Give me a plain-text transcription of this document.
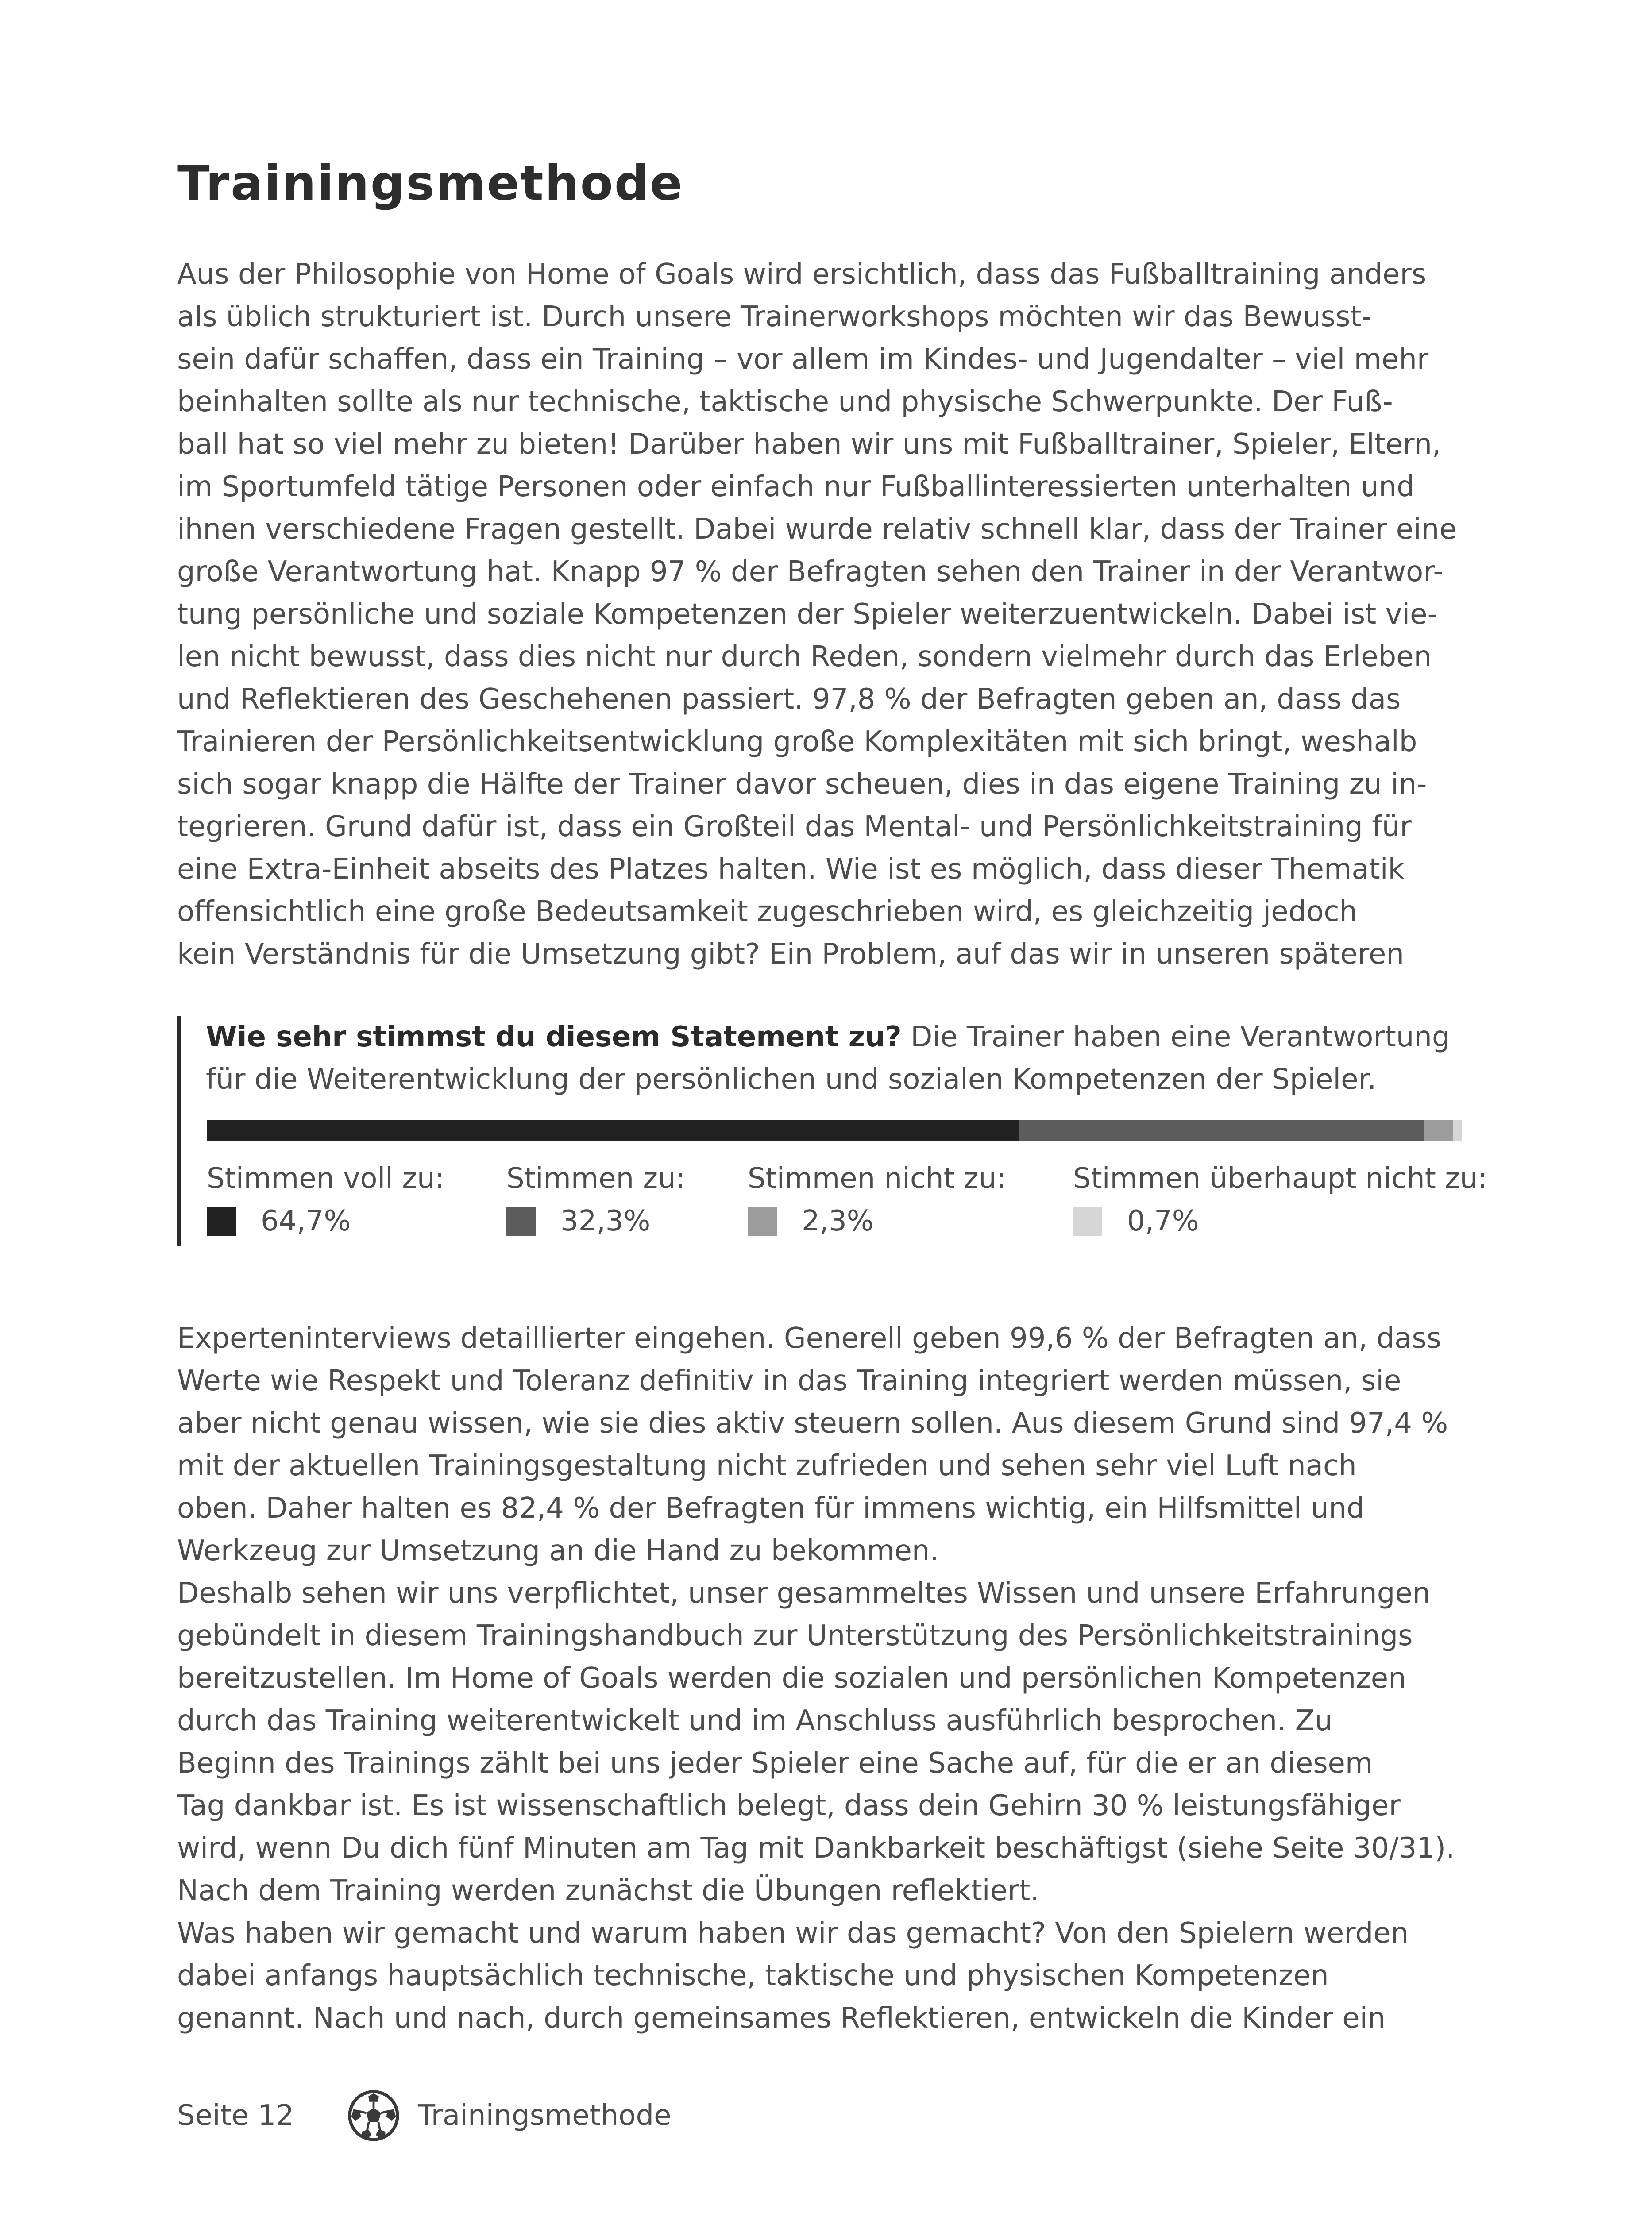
Trainingsmethode
Aus der Philosophie von Home of Goals wird ersichtlich, dass das Fußballtraining anders
als üblich strukturiert ist. Durch unsere Trainerworkshops möchten wir das Bewusst-
sein dafür schaffen, dass ein Training – vor allem im Kindes- und Jugendalter – viel mehr
beinhalten sollte als nur technische, taktische und physische Schwerpunkte. Der Fuß-
ball hat so viel mehr zu bieten! Darüber haben wir uns mit Fußballtrainer, Spieler, Eltern,
im Sportumfeld tätige Personen oder einfach nur Fußballinteressierten unterhalten und
ihnen verschiedene Fragen gestellt. Dabei wurde relativ schnell klar, dass der Trainer eine
große Verantwortung hat. Knapp 97 % der Befragten sehen den Trainer in der Verantwor-
tung persönliche und soziale Kompetenzen der Spieler weiterzuentwickeln. Dabei ist vie-
len nicht bewusst, dass dies nicht nur durch Reden, sondern vielmehr durch das Erleben
und Reflektieren des Geschehenen passiert. 97,8 % der Befragten geben an, dass das
Trainieren der Persönlichkeitsentwicklung große Komplexitäten mit sich bringt, weshalb
sich sogar knapp die Hälfte der Trainer davor scheuen, dies in das eigene Training zu in-
tegrieren. Grund dafür ist, dass ein Großteil das Mental- und Persönlichkeitstraining für
eine Extra-Einheit abseits des Platzes halten. Wie ist es möglich, dass dieser Thematik
offensichtlich eine große Bedeutsamkeit zugeschrieben wird, es gleichzeitig jedoch
kein Verständnis für die Umsetzung gibt? Ein Problem, auf das wir in unseren späteren

Wie sehr stimmst du diesem Statement zu? Die Trainer haben eine Verantwortung
für die Weiterentwicklung der persönlichen und sozialen Kompetenzen der Spieler.

Stimmen voll zu:
64,7%
Stimmen zu:
32,3%
Stimmen nicht zu:
2,3%
Stimmen überhaupt nicht zu:
0,7%
Experteninterviews detaillierter eingehen. Generell geben 99,6 % der Befragten an, dass
Werte wie Respekt und Toleranz definitiv in das Training integriert werden müssen, sie
aber nicht genau wissen, wie sie dies aktiv steuern sollen. Aus diesem Grund sind 97,4 %
mit der aktuellen Trainingsgestaltung nicht zufrieden und sehen sehr viel Luft nach
oben. Daher halten es 82,4 % der Befragten für immens wichtig, ein Hilfsmittel und
Werkzeug zur Umsetzung an die Hand zu bekommen.
Deshalb sehen wir uns verpflichtet, unser gesammeltes Wissen und unsere Erfahrungen
gebündelt in diesem Trainingshandbuch zur Unterstützung des Persönlichkeitstrainings
bereitzustellen. Im Home of Goals werden die sozialen und persönlichen Kompetenzen
durch das Training weiterentwickelt und im Anschluss ausführlich besprochen. Zu
Beginn des Trainings zählt bei uns jeder Spieler eine Sache auf, für die er an diesem
Tag dankbar ist. Es ist wissenschaftlich belegt, dass dein Gehirn 30 % leistungsfähiger
wird, wenn Du dich fünf Minuten am Tag mit Dankbarkeit beschäftigst (siehe Seite 30/31).
Nach dem Training werden zunächst die Übungen reflektiert.
Was haben wir gemacht und warum haben wir das gemacht? Von den Spielern werden
dabei anfangs hauptsächlich technische, taktische und physischen Kompetenzen
genannt. Nach und nach, durch gemeinsames Reflektieren, entwickeln die Kinder ein
Seite 12	Trainingsmethode
